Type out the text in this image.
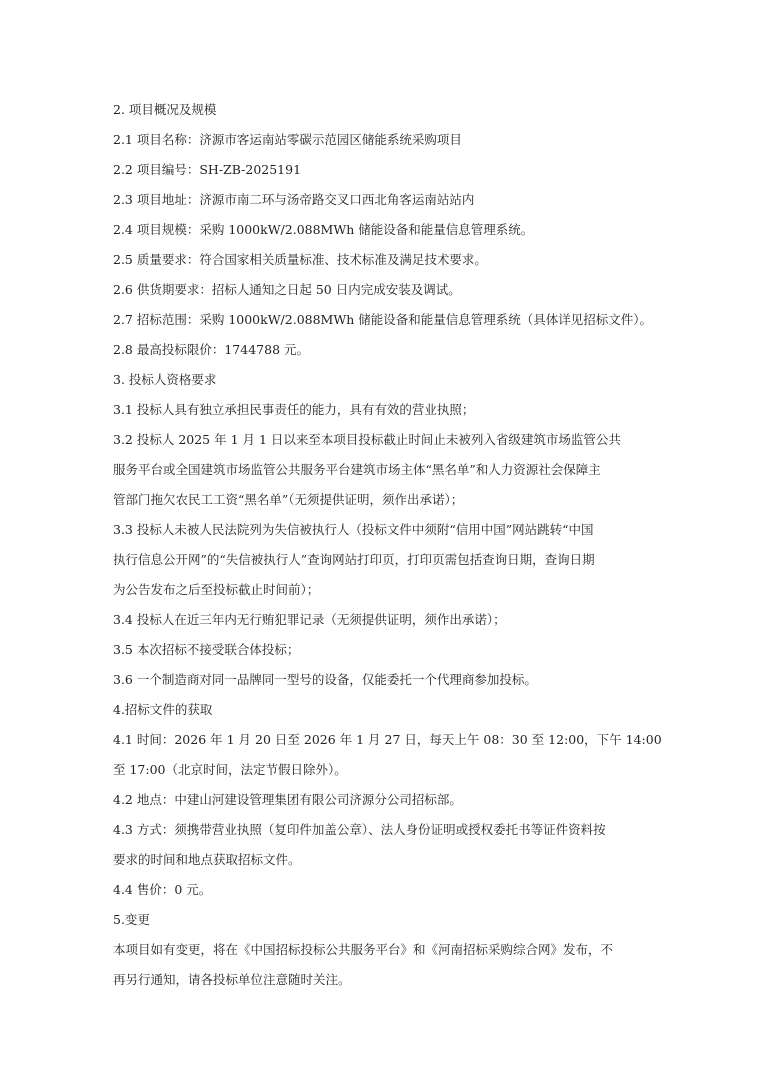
2. 项目概况及规模
2.1 项目名称：济源市客运南站零碳示范园区储能系统采购项目
2.2 项目编号：SH-ZB-2025191
2.3 项目地址：济源市南二环与汤帝路交叉口西北角客运南站站内
2.4 项目规模：采购 1000kW/2.088MWh 储能设备和能量信息管理系统。
2.5 质量要求：符合国家相关质量标准、技术标准及满足技术要求。
2.6 供货期要求：招标人通知之日起 50 日内完成安装及调试。
2.7 招标范围：采购 1000kW/2.088MWh 储能设备和能量信息管理系统（具体详见招标文件）。
2.8 最高投标限价：1744788 元。
3. 投标人资格要求
3.1 投标人具有独立承担民事责任的能力，具有有效的营业执照；
3.2 投标人 2025 年 1 月 1 日以来至本项目投标截止时间止未被列入省级建筑市场监管公共
服务平台或全国建筑市场监管公共服务平台建筑市场主体“黑名单”和人力资源社会保障主
管部门拖欠农民工工资“黑名单”（无须提供证明，须作出承诺）；
3.3 投标人未被人民法院列为失信被执行人（投标文件中须附“信用中国”网站跳转“中国
执行信息公开网”的“失信被执行人”查询网站打印页，打印页需包括查询日期，查询日期
为公告发布之后至投标截止时间前）；
3.4 投标人在近三年内无行贿犯罪记录（无须提供证明，须作出承诺）；
3.5 本次招标不接受联合体投标；
3.6 一个制造商对同一品牌同一型号的设备，仅能委托一个代理商参加投标。
4.招标文件的获取
4.1 时间：2026 年 1 月 20 日至 2026 年 1 月 27 日，每天上午 08：30 至 12:00，下午 14:00
至 17:00（北京时间，法定节假日除外）。
4.2 地点：中建山河建设管理集团有限公司济源分公司招标部。
4.3 方式：须携带营业执照（复印件加盖公章）、法人身份证明或授权委托书等证件资料按
要求的时间和地点获取招标文件。
4.4 售价：0 元。
5.变更
本项目如有变更，将在《中国招标投标公共服务平台》和《河南招标采购综合网》发布，不
再另行通知，请各投标单位注意随时关注。
